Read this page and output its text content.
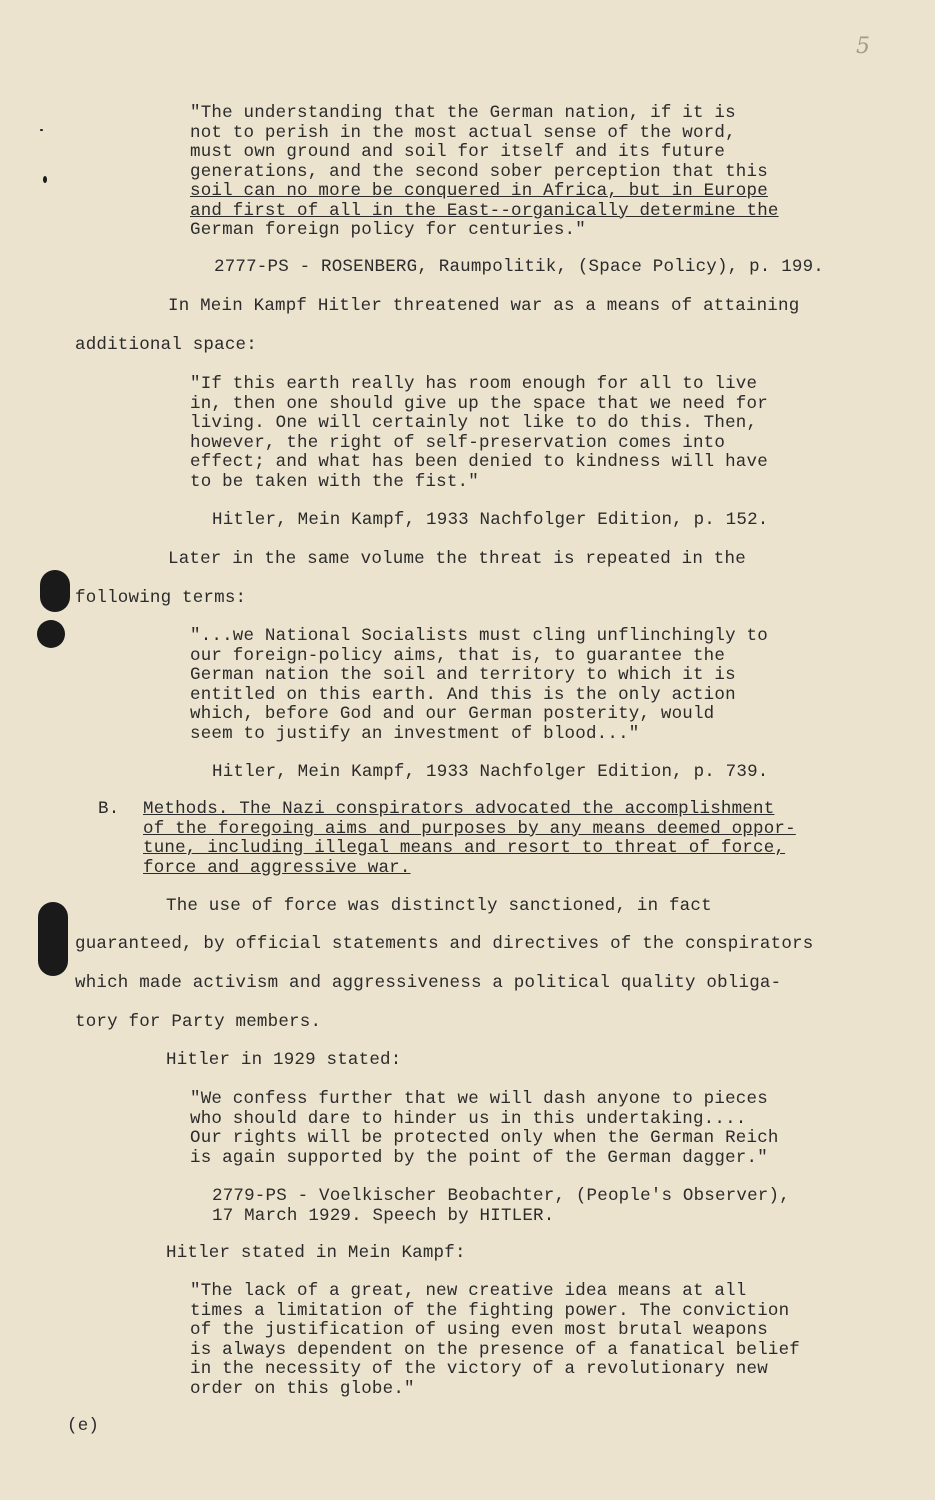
5
"The understanding that the German nation, if it is
not to perish in the most actual sense of the word,
must own ground and soil for itself and its future
generations, and the second sober perception that this
soil can no more be conquered in Africa, but in Europe
and first of all in the East--organically determine the
German foreign policy for centuries."
2777-PS - ROSENBERG, Raumpolitik, (Space Policy), p. 199.
In Mein Kampf Hitler threatened war as a means of attaining
additional space:
"If this earth really has room enough for all to live
in, then one should give up the space that we need for
living. One will certainly not like to do this. Then,
however, the right of self-preservation comes into
effect; and what has been denied to kindness will have
to be taken with the fist."
Hitler, Mein Kampf, 1933 Nachfolger Edition, p. 152.
Later in the same volume the threat is repeated in the
following terms:
"...we National Socialists must cling unflinchingly to
our foreign-policy aims, that is, to guarantee the
German nation the soil and territory to which it is
entitled on this earth. And this is the only action
which, before God and our German posterity, would
seem to justify an investment of blood..."
Hitler, Mein Kampf, 1933 Nachfolger Edition, p. 739.
B. Methods. The Nazi conspirators advocated the accomplishment
of the foregoing aims and purposes by any means deemed oppor-
tune, including illegal means and resort to threat of force,
force and aggressive war.
The use of force was distinctly sanctioned, in fact
guaranteed, by official statements and directives of the conspirators
which made activism and aggressiveness a political quality obliga-
tory for Party members.
Hitler in 1929 stated:
"We confess further that we will dash anyone to pieces
who should dare to hinder us in this undertaking....
Our rights will be protected only when the German Reich
is again supported by the point of the German dagger."
2779-PS - Voelkischer Beobachter, (People's Observer),
17 March 1929. Speech by HITLER.
Hitler stated in Mein Kampf:
"The lack of a great, new creative idea means at all
times a limitation of the fighting power. The conviction
of the justification of using even most brutal weapons
is always dependent on the presence of a fanatical belief
in the necessity of the victory of a revolutionary new
order on this globe."
(e)
